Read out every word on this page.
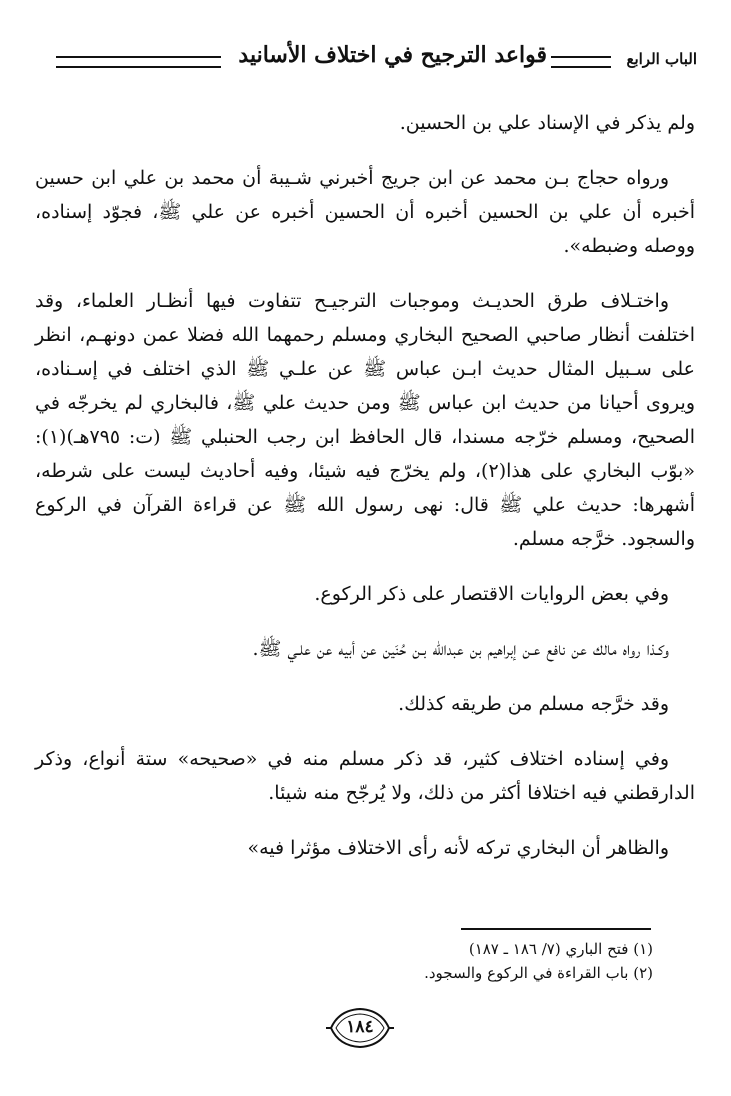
الباب الرابع
قواعد الترجيح في اختلاف الأسانيد

ولم يذكر في الإسناد علي بن الحسين.

ورواه حجاج بـن محمد عن ابن جريج أخبرني شـيبة أن محمد بن علي ابن حسين أخبره أن علي بن الحسين أخبره أن الحسين أخبره عن علي ﷺ، فجوّد إسناده، ووصله وضبطه».

واختـلاف طرق الحديـث وموجبات الترجيـح تتفاوت فيها أنظـار العلماء، وقد اختلفت أنظار صاحبي الصحيح البخاري ومسلم رحمهما الله فضلا عمن دونهـم، انظر على سـبيل المثال حديث ابـن عباس ﷺ عن علـي ﷺ الذي اختلف في إسـناده، ويروى أحيانا من حديث ابن عباس ﷺ ومن حديث علي ﷺ، فالبخاري لم يخرجّه في الصحيح، ومسلم خرّجه مسندا، قال الحافظ ابن رجب الحنبلي ﷺ (ت: ٧٩٥هـ)(١): «بوّب البخاري على هذا(٢)، ولم يخرّج فيه شيئا، وفيه أحاديث ليست على شرطه، أشهرها: حديث علي ﷺ قال: نهى رسول الله ﷺ عن قراءة القرآن في الركوع والسجود. خرَّجه مسلم.

وفي بعض الروايات الاقتصار على ذكر الركوع.

وكـذا رواه مالك عن نافع عـن إبراهيم بن عبدالله بـن حُنَين عن أبيه عن علـي ﷺ.

وقد خرَّجه مسلم من طريقه كذلك.

وفي إسناده اختلاف كثير، قد ذكر مسلم منه في «صحيحه» ستة أنواع، وذكر الدارقطني فيه اختلافا أكثر من ذلك، ولا يُرجّح منه شيئا.

والظاهر أن البخاري تركه لأنه رأى الاختلاف مؤثرا فيه»

(١) فتح الباري (٧/ ١٨٦ ـ ١٨٧)

(٢) باب القراءة في الركوع والسجود.

١٨٤
